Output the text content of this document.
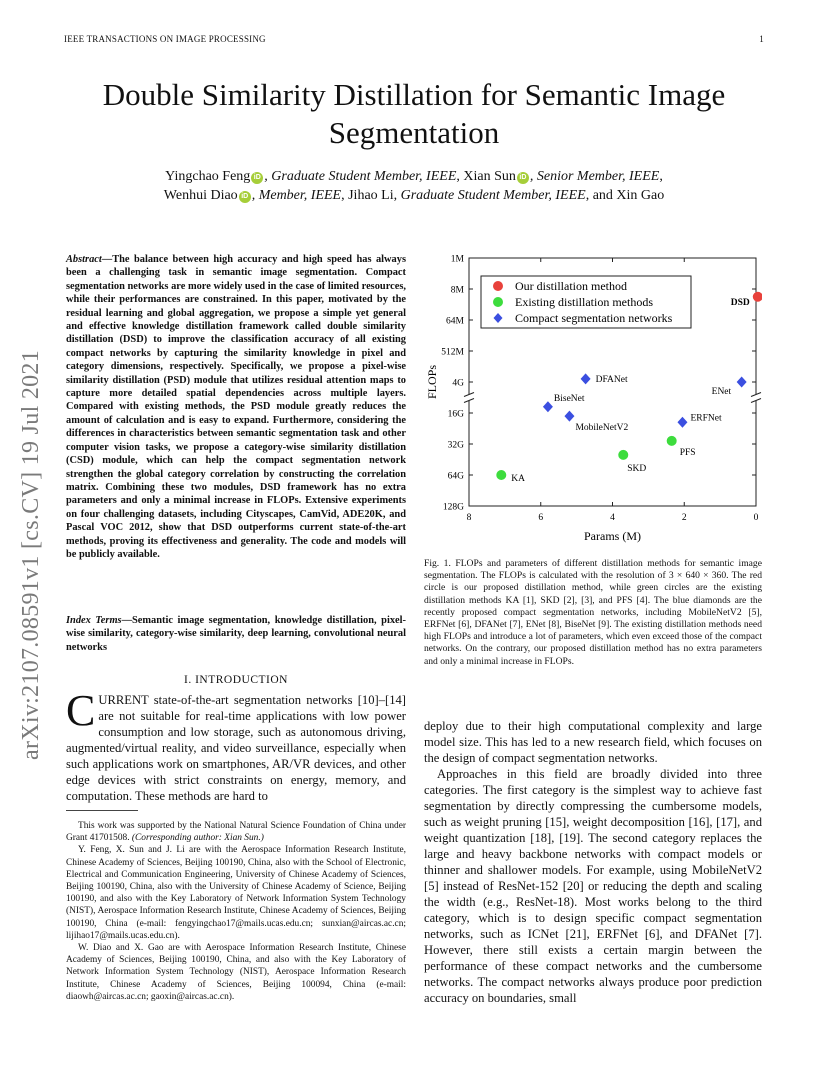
IEEE TRANSACTIONS ON IMAGE PROCESSING	1
Double Similarity Distillation for Semantic Image Segmentation
Yingchao Feng iD , Graduate Student Member, IEEE, Xian Sun iD , Senior Member, IEEE,
Wenhui Diao iD , Member, IEEE, Jihao Li, Graduate Student Member, IEEE, and Xin Gao
arXiv:2107.08591v1 [cs.CV] 19 Jul 2021
Abstract—The balance between high accuracy and high speed has always been a challenging task in semantic image segmentation. Compact segmentation networks are more widely used in the case of limited resources, while their performances are constrained. In this paper, motivated by the residual learning and global aggregation, we propose a simple yet general and effective knowledge distillation framework called double similarity distillation (DSD) to improve the classification accuracy of all existing compact networks by capturing the similarity knowledge in pixel and category dimensions, respectively. Specifically, we propose a pixel-wise similarity distillation (PSD) module that utilizes residual attention maps to capture more detailed spatial dependencies across multiple layers. Compared with existing methods, the PSD module greatly reduces the amount of calculation and is easy to expand. Furthermore, considering the differences in characteristics between semantic segmentation task and other computer vision tasks, we propose a category-wise similarity distillation (CSD) module, which can help the compact segmentation network strengthen the global category correlation by constructing the correlation matrix. Combining these two modules, DSD framework has no extra parameters and only a minimal increase in FLOPs. Extensive experiments on four challenging datasets, including Cityscapes, CamVid, ADE20K, and Pascal VOC 2012, show that DSD outperforms current state-of-the-art methods, proving its effectiveness and generality. The code and models will be publicly available.
Index Terms—Semantic image segmentation, knowledge distillation, pixel-wise similarity, category-wise similarity, deep learning, convolutional neural networks
I. INTRODUCTION
CURRENT state-of-the-art segmentation networks [10]–[14] are not suitable for real-time applications with low power consumption and low storage, such as autonomous driving, augmented/virtual reality, and video surveillance, especially when such applications work on smartphones, AR/VR devices, and other edge devices with strict constraints on energy, memory, and computation. These methods are hard to

This work was supported by the National Natural Science Foundation of China under Grant 41701508. (Corresponding author: Xian Sun.)

Y. Feng, X. Sun and J. Li are with the Aerospace Information Research Institute, Chinese Academy of Sciences, Beijing 100190, China, also with the School of Electronic, Electrical and Communication Engineering, University of Chinese Academy of Sciences, Beijing 100190, China, also with the University of Chinese Academy of Science, Beijing 100190, and also with the Key Laboratory of Network Information System Technology (NIST), Aerospace Information Research Institute, Chinese Academy of Sciences, Beijing 100190, China (e-mail: fengyingchao17@mails.ucas.edu.cn; sunxian@aircas.ac.cn; lijihao17@mails.ucas.edu.cn).

W. Diao and X. Gao are with Aerospace Information Research Institute, Chinese Academy of Sciences, Beijing 100190, China, and also with the Key Laboratory of Network Information System Technology (NIST), Aerospace Information Research Institute, Chinese Academy of Sciences, Beijing 100094, China (e-mail: diaowh@aircas.ac.cn; gaoxin@aircas.ac.cn).

1M
8M
64M
512M
4G
16G
32G
64G
128G
8	6	4	2	0
Params (M)
FLOPs
DSD
KA
SKD
PFS
DFANet
BiseNet
MobileNetV2
ERFNet
ENet
Our distillation method
Existing distillation methods
Compact segmentation networks
Fig. 1. FLOPs and parameters of different distillation methods for semantic image segmentation. The FLOPs is calculated with the resolution of 3 × 640 × 360. The red circle is our proposed distillation method, while green circles are the existing distillation methods KA [1], SKD [2], [3], and PFS [4]. The blue diamonds are the recently proposed compact segmentation networks, including MobileNetV2 [5], ERFNet [6], DFANet [7], ENet [8], BiseNet [9]. The existing distillation methods need high FLOPs and introduce a lot of parameters, which even exceed those of the compact networks. On the contrary, our proposed distillation method has no extra parameters and only a minimal increase in FLOPs.

deploy due to their high computational complexity and large model size. This has led to a new research field, which focuses on the design of compact segmentation networks.

Approaches in this field are broadly divided into three categories. The first category is the simplest way to achieve fast segmentation by directly compressing the cumbersome models, such as weight pruning [15], weight decomposition [16], [17], and weight quantization [18], [19]. The second category replaces the large and heavy backbone networks with compact models or thinner and shallower models. For example, using MobileNetV2 [5] instead of ResNet-152 [20] or reducing the depth and scaling the width (e.g., ResNet-18). Most works belong to the third category, which is to design specific compact segmentation networks, such as ICNet [21], ERFNet [6], and DFANet [7]. However, there still exists a certain margin between the performance of these compact networks and the cumbersome networks. The compact networks always produce poor prediction accuracy on boundaries, small
